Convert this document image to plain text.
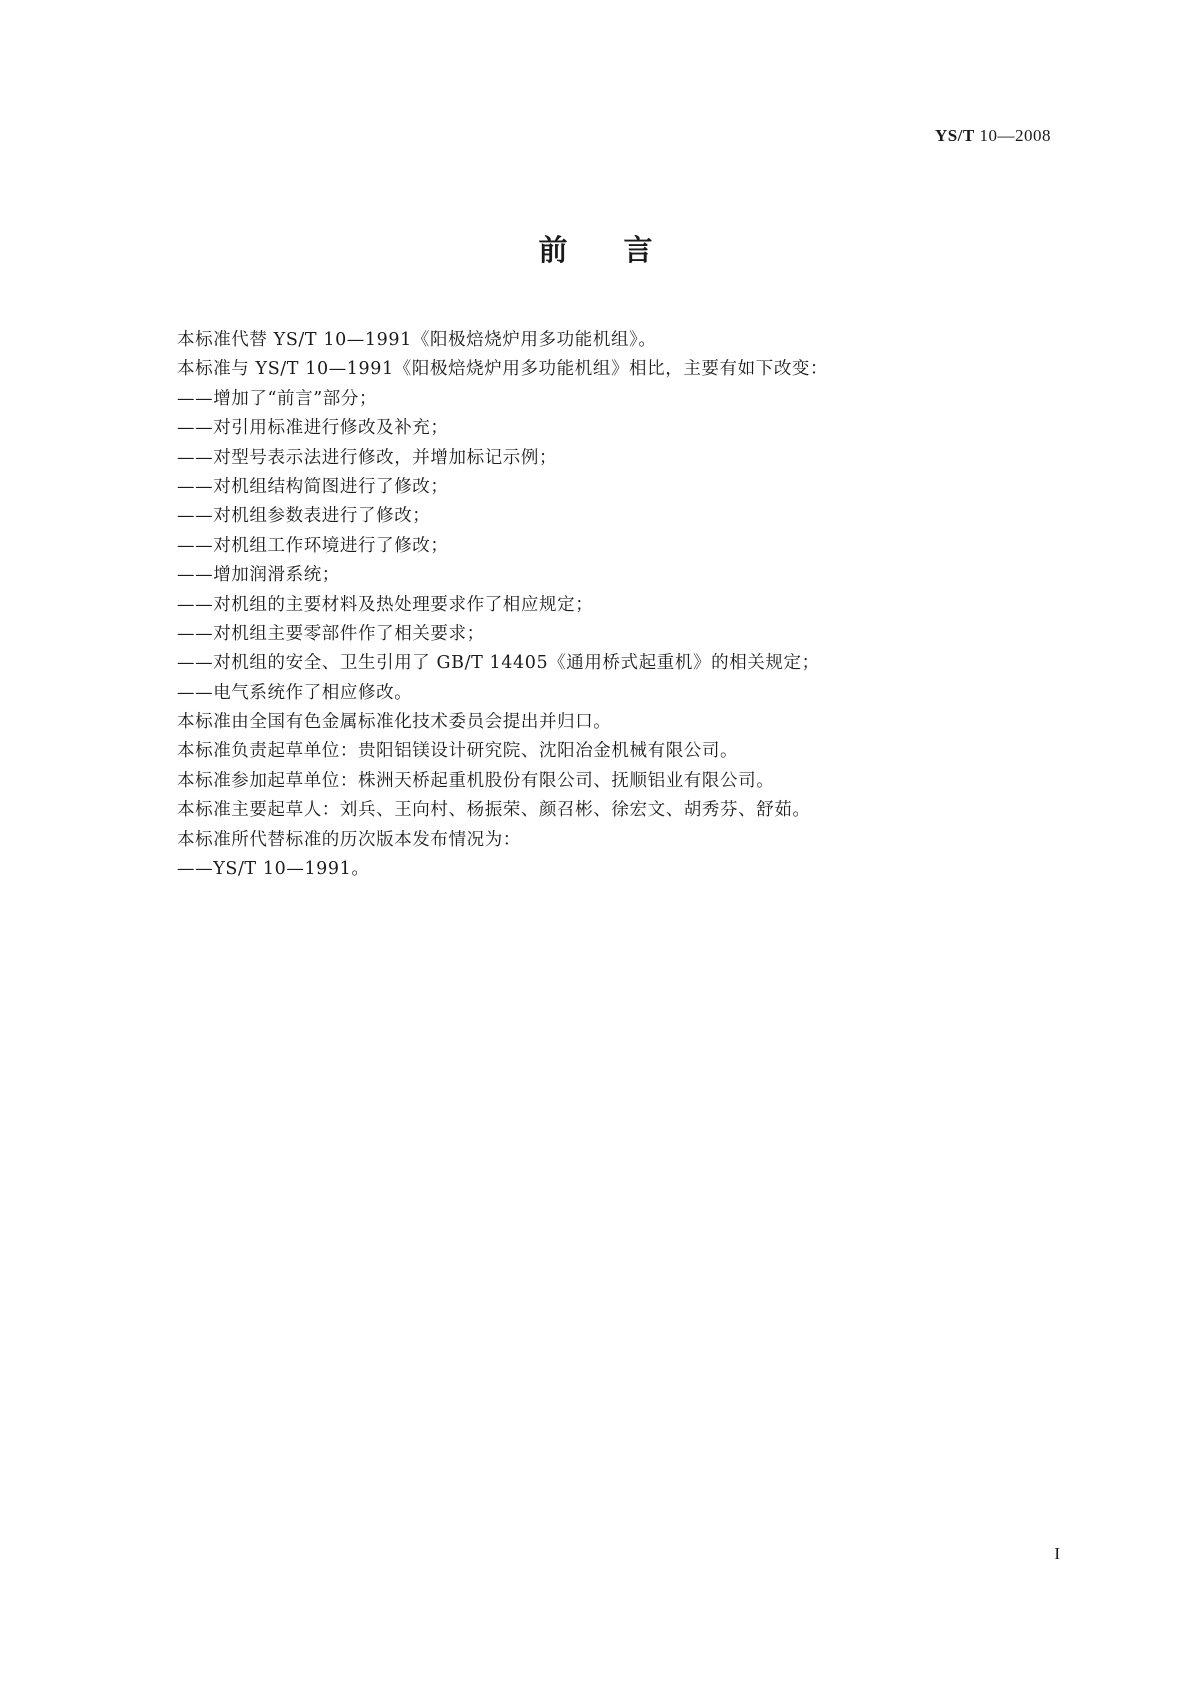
YS/T 10—2008
前言
本标准代替 YS/T 10—1991《阳极焙烧炉用多功能机组》。
本标准与 YS/T 10—1991《阳极焙烧炉用多功能机组》相比，主要有如下改变：
——增加了“前言”部分；
——对引用标准进行修改及补充；
——对型号表示法进行修改，并增加标记示例；
——对机组结构简图进行了修改；
——对机组参数表进行了修改；
——对机组工作环境进行了修改；
——增加润滑系统；
——对机组的主要材料及热处理要求作了相应规定；
——对机组主要零部件作了相关要求；
——对机组的安全、卫生引用了 GB/T 14405《通用桥式起重机》的相关规定；
——电气系统作了相应修改。
本标准由全国有色金属标准化技术委员会提出并归口。
本标准负责起草单位：贵阳铝镁设计研究院、沈阳冶金机械有限公司。
本标准参加起草单位：株洲天桥起重机股份有限公司、抚顺铝业有限公司。
本标准主要起草人：刘兵、王向村、杨振荣、颜召彬、徐宏文、胡秀芬、舒茹。
本标准所代替标准的历次版本发布情况为：
——YS/T 10—1991。
I
